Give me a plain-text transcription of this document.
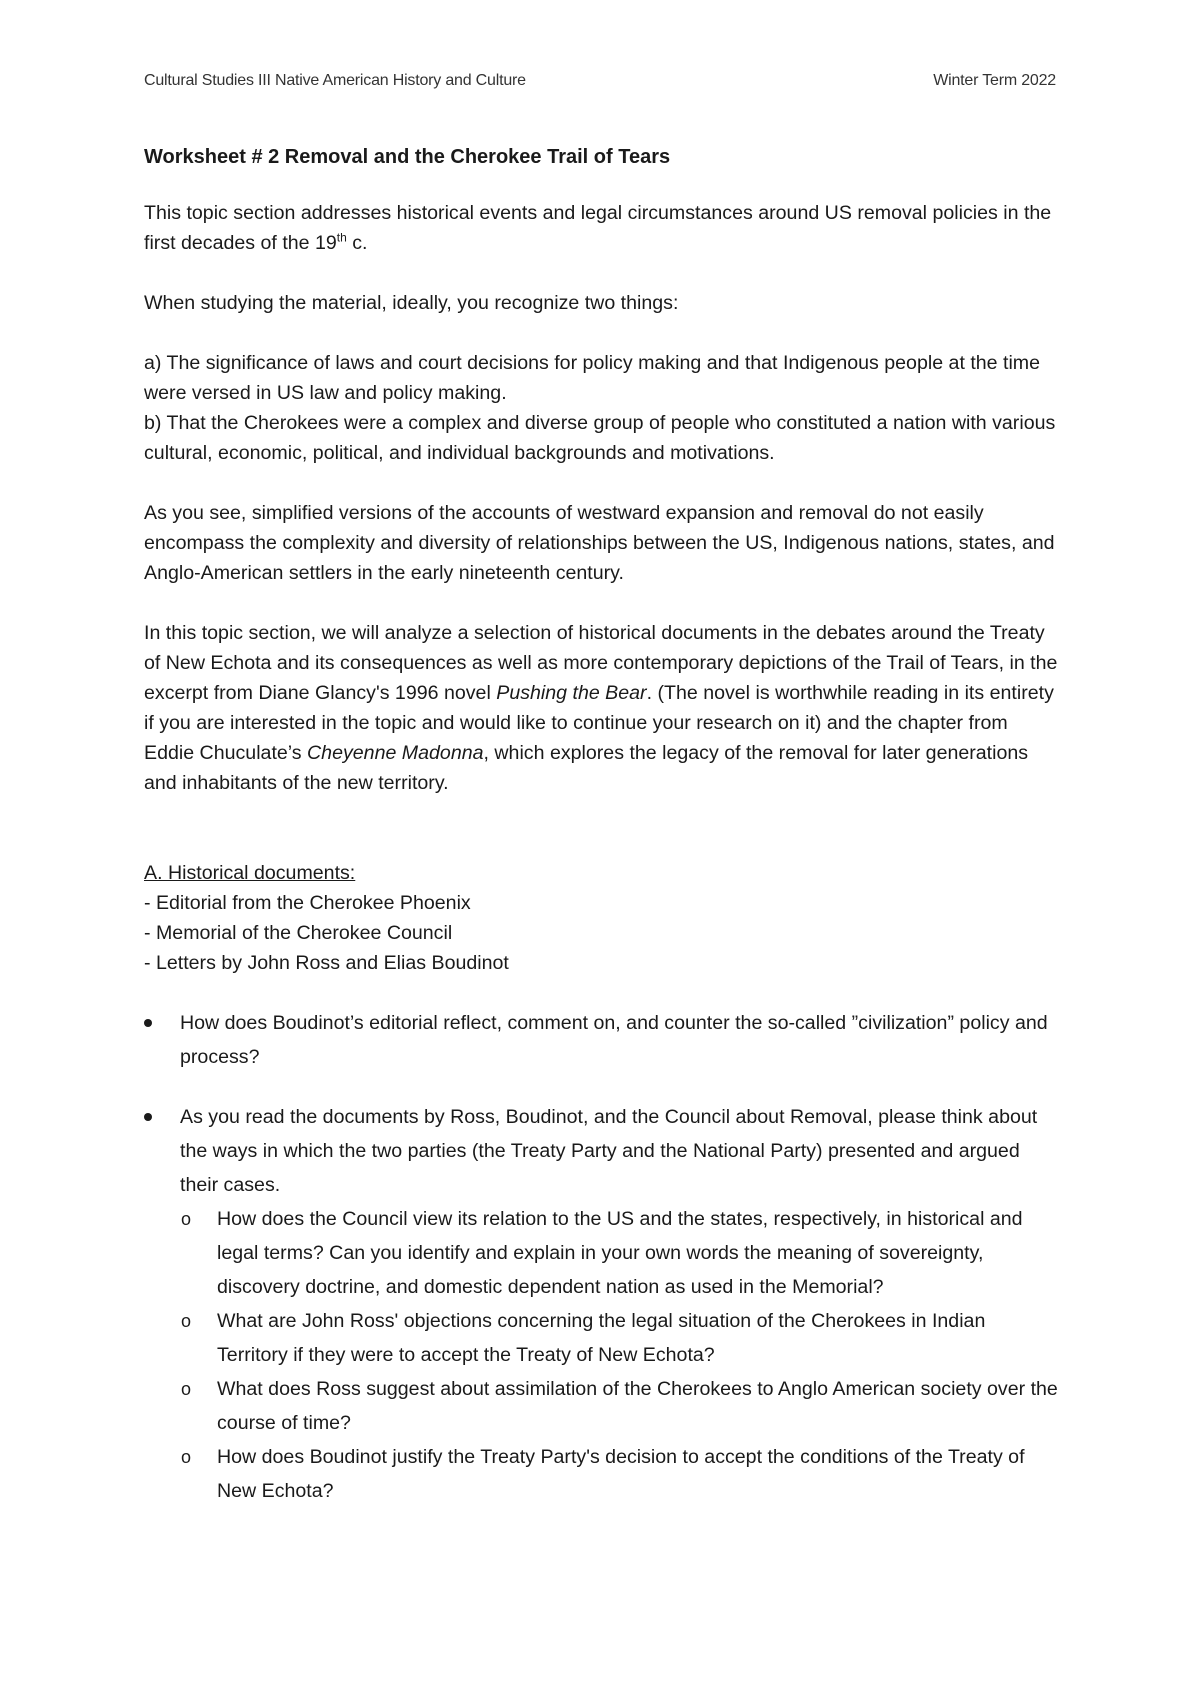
Cultural Studies III Native American History and Culture	Winter Term 2022

Worksheet # 2 Removal and the Cherokee Trail of Tears

This topic section addresses historical events and legal circumstances around US removal policies in the first decades of the 19th c.

When studying the material, ideally, you recognize two things:

a) The significance of laws and court decisions for policy making and that Indigenous people at the time were versed in US law and policy making.

b) That the Cherokees were a complex and diverse group of people who constituted a nation with various cultural, economic, political, and individual backgrounds and motivations.

As you see, simplified versions of the accounts of westward expansion and removal do not easily encompass the complexity and diversity of relationships between the US, Indigenous nations, states, and Anglo-American settlers in the early nineteenth century.

In this topic section, we will analyze a selection of historical documents in the debates around the Treaty of New Echota and its consequences as well as more contemporary depictions of the Trail of Tears, in the excerpt from Diane Glancy's 1996 novel Pushing the Bear. (The novel is worthwhile reading in its entirety if you are interested in the topic and would like to continue your research on it) and the chapter from Eddie Chuculate’s Cheyenne Madonna, which explores the legacy of the removal for later generations and inhabitants of the new territory.

A. Historical documents:

- Editorial from the Cherokee Phoenix

- Memorial of the Cherokee Council

- Letters by John Ross and Elias Boudinot

How does Boudinot’s editorial reflect, comment on, and counter the so-called ”civilization” policy and process?
As you read the documents by Ross, Boudinot, and the Council about Removal, please think about the ways in which the two parties (the Treaty Party and the National Party) presented and argued their cases.
o How does the Council view its relation to the US and the states, respectively, in historical and legal terms? Can you identify and explain in your own words the meaning of sovereignty, discovery doctrine, and domestic dependent nation as used in the Memorial?
o What are John Ross' objections concerning the legal situation of the Cherokees in Indian Territory if they were to accept the Treaty of New Echota?
o What does Ross suggest about assimilation of the Cherokees to Anglo American society over the course of time?
o How does Boudinot justify the Treaty Party's decision to accept the conditions of the Treaty of New Echota?
